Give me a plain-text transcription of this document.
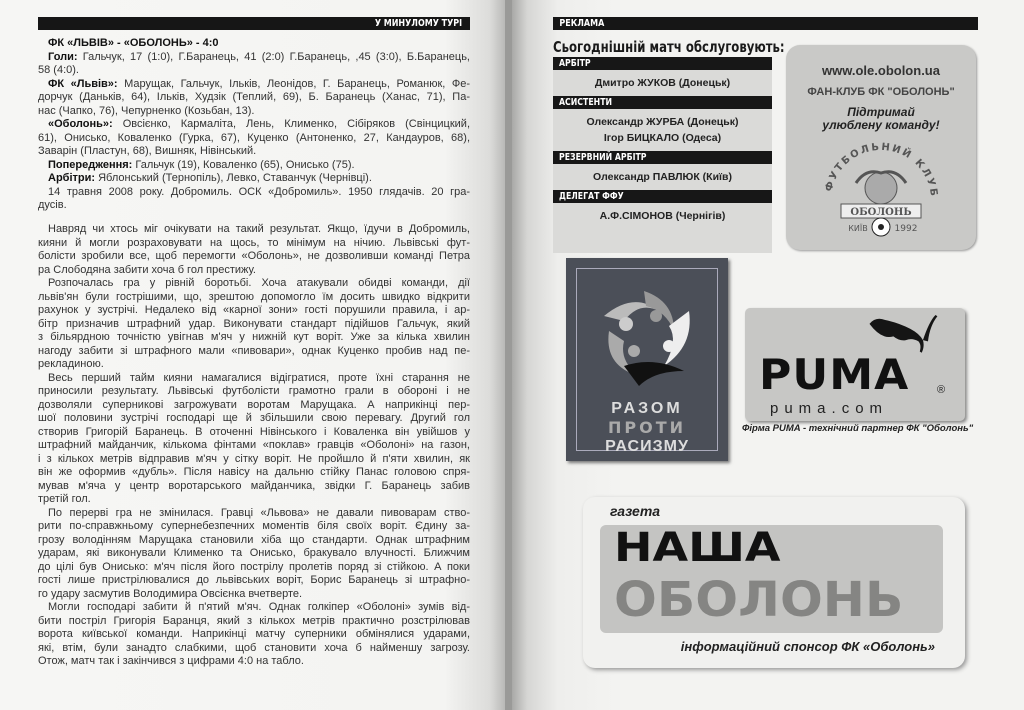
У МИНУЛОМУ ТУРІ
ФК «ЛЬВІВ» - «ОБОЛОНЬ» - 4:0
Голи: Гальчук, 17 (1:0), Г.Баранець, 41 (2:0) Г.Баранець, ,45 (3:0), Б.Баранець,
58 (4:0).
ФК «Львів»: Марущак, Гальчук, Ільків, Леонідов, Г. Баранець, Романюк, Фе-
дорчук (Даньків, 64), Ільків, Худзік (Теплий, 69), Б. Баранець (Ханас, 71), Па-
нас (Чапко, 76), Чепурненко (Козьбан, 13).
«Оболонь»: Овсієнко, Кармаліта, Лень, Клименко, Сібіряков (Свінцицкий,
61), Онисько, Коваленко (Гурка, 67), Куценко (Антоненко, 27, Кандауров, 68),
Заварін (Пластун, 68), Вишняк, Нівінський.
Попередження: Гальчук (19), Коваленко (65), Онисько (75).
Арбітри: Яблонський (Тернопіль), Левко, Ставанчук (Чернівці).
14 травня 2008 року. Добромиль. ОСК «Добромиль». 1950 глядачів. 20 гра-
дусів.
Навряд чи хтось міг очікувати на такий результат. Якщо, їдучи в Добромиль,
кияни й могли розраховувати на щось, то мінімум на нічию. Львівські фут-
болісти зробили все, щоб перемогти «Оболонь», не дозволивши команді Петра
ра Слободяна забити хоча б гол престижу.
Розпочалась гра у рівній боротьбі. Хоча атакували обидві команди, дії
львів'ян були гострішими, що, зрештою допомогло їм досить швидко відкрити
рахунок у зустрічі. Недалеко від «карної зони» гості порушили правила, і ар-
бітр призначив штрафний удар. Виконувати стандарт підійшов Гальчук, який
з більярдною точністю увігнав м'яч у нижній кут воріт. Уже за кілька хвилин
нагоду забити зі штрафного мали «пивовари», однак Куценко пробив над пе-
рекладиною.
Весь перший тайм кияни намагалися відігратися, проте їхні старання не
приносили результату. Львівські футболісти грамотно грали в обороні і не
дозволяли суперникові загрожувати воротам Марущака. А наприкінці пер-
шої половини зустрічі господарі ще й збільшили свою перевагу. Другий гол
створив Григорій Баранець. В оточенні Нівінського і Коваленка він увійшов у
штрафний майданчик, кількома фінтами «поклав» гравців «Оболоні» на газон,
і з кількох метрів відправив м'яч у сітку воріт. Не пройшло й п'яти хвилин, як
він же оформив «дубль». Після навісу на дальню стійку Панас головою спря-
мував м'яча у центр воротарського майданчика, звідки Г. Баранець забив
третій гол.
По перерві гра не змінилася. Гравці «Львова» не давали пивоварам ство-
рити по-справжньому супернебезпечних моментів біля своїх воріт. Єдину за-
грозу володінням Марущака становили хіба що стандарти. Однак штрафним
ударам, які виконували Клименко та Онисько, бракувало влучності. Ближчим
до цілі був Онисько: м'яч після його пострілу пролетів поряд зі стійкою. А поки
гості лише пристрілювалися до львівських воріт, Борис Баранець зі штрафно-
го удару засмутив Володимира Овсієнка вчетверте.
Могли господарі забити й п'ятий м'яч. Однак голкіпер «Оболоні» зумів від-
бити постріл Григорія Баранця, який з кількох метрів практично розстрілював
ворота київської команди. Наприкінці матчу суперники обмінялися ударами,
які, втім, були занадто слабкими, щоб становити хоча б найменшу загрозу.
Отож, матч так і закінчився з цифрами 4:0 на табло.
РЕКЛАМА
Сьогоднішній матч обслуговують:
АРБІТР
Дмитро ЖУКОВ (Донецьк)
АСИСТЕНТИ
Олександр ЖУРБА (Донецьк)
Ігор БИЦКАЛО (Одеса)
РЕЗЕРВНИЙ АРБІТР
Олександр ПАВЛЮК (Київ)
ДЕЛЕГАТ ФФУ
А.Ф.СІМОНОВ (Чернігів)
www.ole.obolon.ua
ФАН-КЛУБ ФК "ОБОЛОНЬ"
Підтримай
улюблену команду!
ФУТБОЛЬНИЙ КЛУБ
ОБОЛОНЬ
КИЇВ	1992
РАЗОМ
ПРОТИ
РАСИЗМУ
PUMA	®
puma.com
Фірма PUMA - технічний партнер ФК "Оболонь"
газета
НАША
ОБОЛОНЬ
інформаційний спонсор ФК «Оболонь»
